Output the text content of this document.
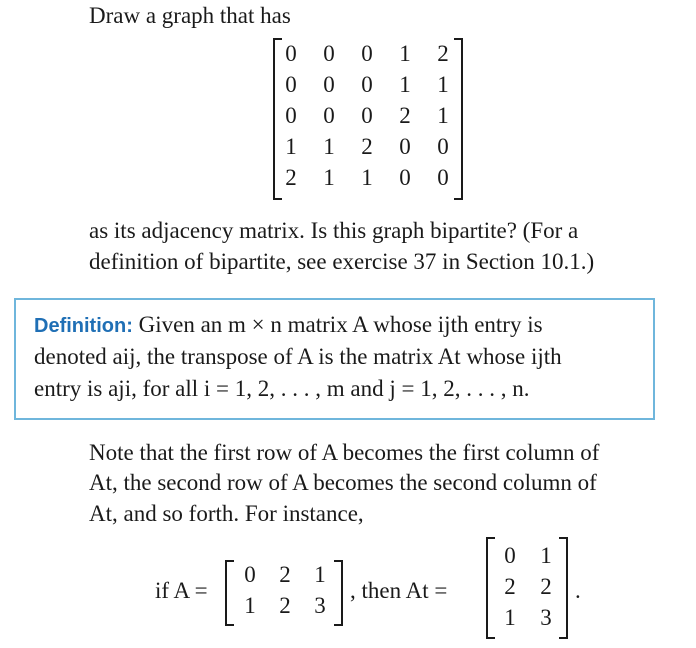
Draw a graph that has
0	0	0	1	2
0	0	0	1	1
0	0	0	2	1
1	1	2	0	0
2	1	1	0	0
as its adjacency matrix. Is this graph bipartite? (For a
definition of bipartite, see exercise 37 in Section 10.1.)
Definition: Given an m × n matrix A whose ijth entry is
denoted aij, the transpose of A is the matrix At whose ijth
entry is aji, for all i = 1, 2, . . . , m and j = 1, 2, . . . , n.
Note that the first row of A becomes the first column of
At, the second row of A becomes the second column of
At, and so forth. For instance,
if A =
0	2	1
1	2	3
, then At =
0	1
2	2
1	3
.
